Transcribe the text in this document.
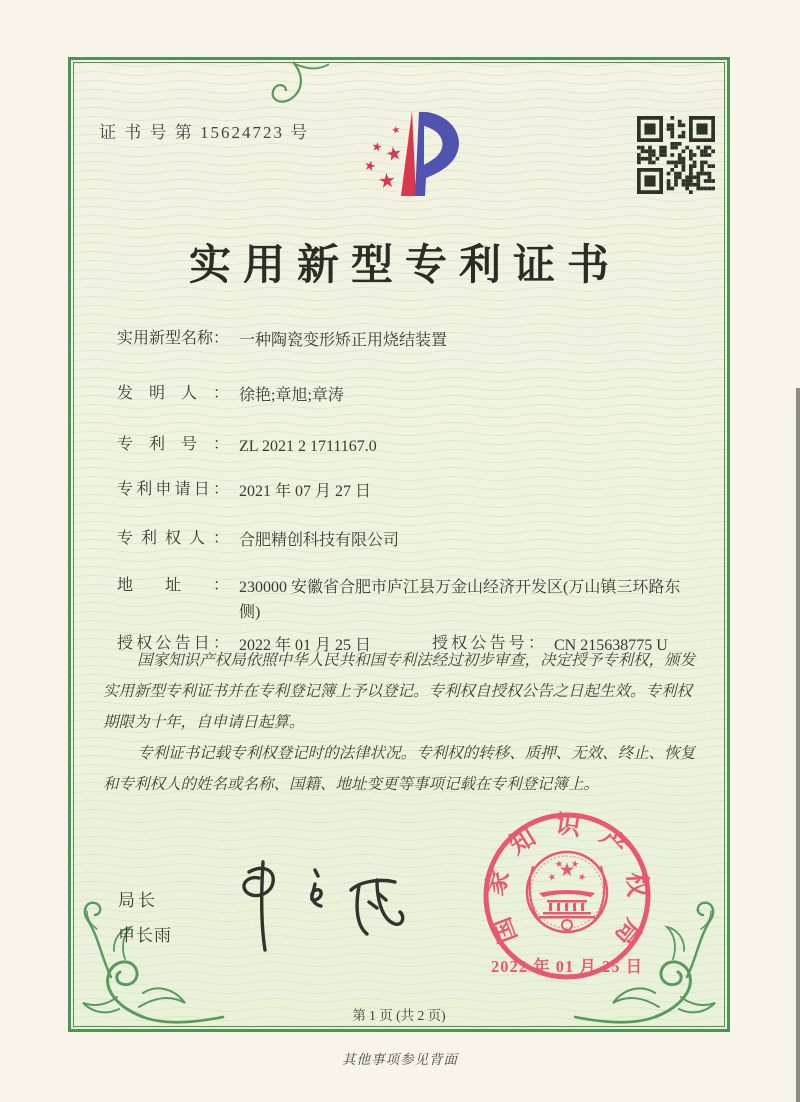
证 书 号 第 15624723 号
实用新型专利证书
实用新型名称： 一种陶瓷变形矫正用烧结装置
发明人： 徐艳;章旭;章涛
专利号： ZL 2021 2 1711167.0
专利申请日： 2021 年 07 月 27 日
专利权人： 合肥精创科技有限公司
地址： 230000 安徽省合肥市庐江县万金山经济开发区(万山镇三环路东侧)
授权公告日： 2022 年 01 月 25 日	授权公告号： CN 215638775 U

国家知识产权局依照中华人民共和国专利法经过初步审查，决定授予专利权，颁发实用新型专利证书并在专利登记簿上予以登记。专利权自授权公告之日起生效。专利权期限为十年，自申请日起算。

专利证书记载专利权登记时的法律状况。专利权的转移、质押、无效、终止、恢复和专利权人的姓名或名称、国籍、地址变更等事项记载在专利登记簿上。

局长
申长雨	国家知识产权局
2022 年 01 月 25 日
第 1 页 (共 2 页)
其他事项参见背面
